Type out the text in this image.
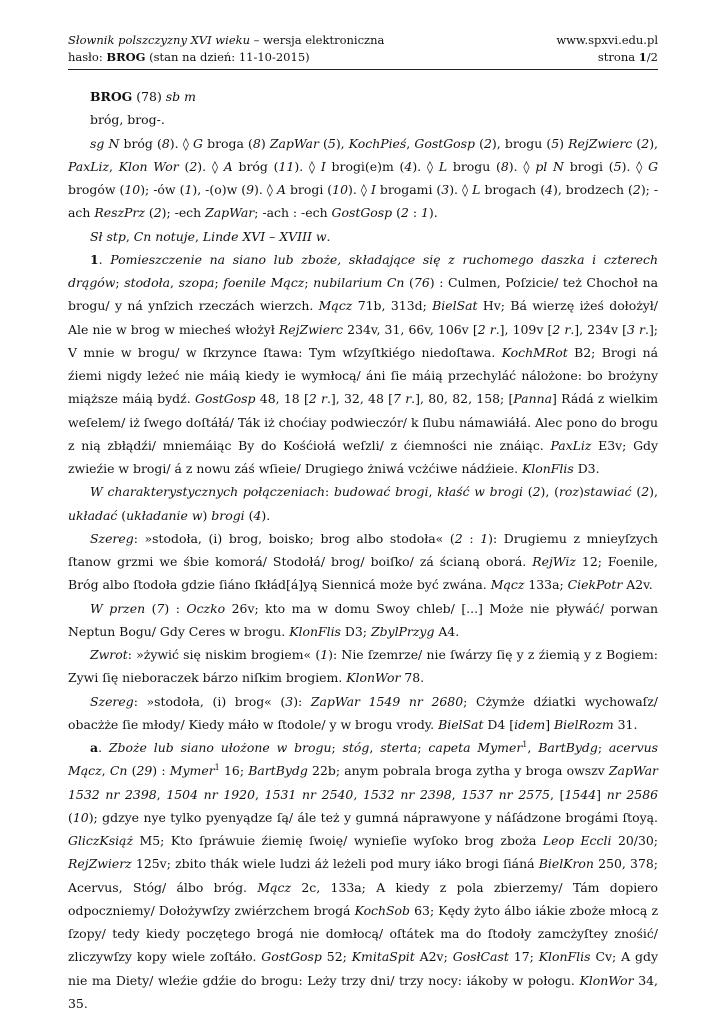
Słownik polszczyzny XVI wieku – wersja elektroniczna	www.spxvi.edu.pl
hasło: BROG (stan na dzień: 11-10-2015)	strona 1/2

BROG (78) sb m

bróg, brog-.

sg N bróg (8). ◊ G broga (8) ZapWar (5), KochPieś, GostGosp (2), brogu (5) RejZwierc (2), PaxLiz, Klon Wor (2). ◊ A bróg (11). ◊ I brogi(e)m (4). ◊ L brogu (8). ◊ pl N brogi (5). ◊ G brogów (10); -ów (1), -(o)w (9). ◊ A brogi (10). ◊ I brogami (3). ◊ L brogach (4), brodzech (2); -ach ReszPrz (2); -ech ZapWar; -ach : -ech GostGosp (2 : 1).

Sł stp, Cn notuje, Linde XVI – XVIII w.

1. Pomieszczenie na siano lub zboże, składające się z ruchomego daszka i czterech drągów; stodoła, szopa; foenile Mącz; nubilarium Cn (76) : Culmen, Poſzicie/ też Chochoł na brogu/ y ná ynſzich rzeczách wierzch. Mącz 71b, 313d; BielSat Hv; Bá wierzę iżeś dołożył/ Ale nie w brog w miecheś włożył RejZwierc 234v, 31, 66v, 106v [2 r.], 109v [2 r.], 234v [3 r.]; V mnie w brogu/ w ſkrzynce ſtawa: Tym wſzyſtkiégo niedoſtawa. KochMRot B2; Brogi ná źiemi nigdy leżeć nie máią kiedy ie wymłocą/ áni ſie máią przechyláć nálożone: bo brożyny miąższe máią bydź. GostGosp 48, 18 [2 r.], 32, 48 [7 r.], 80, 82, 158; [Panna] Rádá z wielkim weſelem/ iż ſwego doſtáłá/ Ták iż choćiay podwieczór/ k ſlubu námawiáłá. Alec pono do brogu z nią zbłądźi/ mniemáiąc By do Kośćiołá weſzli/ z ćiemności nie znáiąc. PaxLiz E3v; Gdy zwieźie w brogi/ á z nowu záś wſieie/ Drugiego żniwá vcżćiwe nádźieie. KlonFlis D3.

W charakterystycznych połączeniach: budować brogi, kłaść w brogi (2), (roz)stawiać (2), układać (układanie w) brogi (4).

Szereg: »stodoła, (i) brog, boisko; brog albo stodoła« (2 : 1): Drugiemu z mnieyſzych ſtanow grzmi we śbie komorá/ Stodołá/ brog/ boiſko/ zá ścianą oborá. RejWiz 12; Foenile, Bróg albo ſtodoła gdzie ſiáno ſkłád[á]yą Siennicá może być zwána. Mącz 133a; CiekPotr A2v.

W przen (7) : Oczko 26v; kto ma w domu Swoy chleb/ [...] Może nie pływáć/ porwan Neptun Bogu/ Gdy Ceres w brogu. KlonFlis D3; ZbylPrzyg A4.

Zwrot: »żywić się niskim brogiem« (1): Nie ſzemrze/ nie ſwárzy ſię y z źiemią y z Bogiem: Zywi ſię nieboraczek bárzo niſkim brogiem. KlonWor 78.

Szereg: »stodoła, (i) brog« (3): ZapWar 1549 nr 2680; Cżymże dźiatki wychowaſz/ obacżże ſie młody/ Kiedy máło w ſtodole/ y w brogu vrody. BielSat D4 [idem] BielRozm 31.

a. Zboże lub siano ułożone w brogu; stóg, sterta; capeta Mymer$^1$, BartBydg; acervus Mącz, Cn (29) : Mymer$^1$ 16; BartBydg 22b; anym pobrala broga zytha y broga owszv ZapWar 1532 nr 2398, 1504 nr 1920, 1531 nr 2540, 1532 nr 2398, 1537 nr 2575, [1544] nr 2586 (10); gdzye nye tylko pyenyądze ſą/ ále też y gumná náprawyone y náſádzone brogámi ſtoyą. GliczKsiąż M5; Kto ſpráwuie źiemię ſwoię/ wynieſie wyſoko brog zboża Leop Eccli 20/30; RejZwierz 125v; zbito thák wiele ludzi áż leżeli pod mury iáko brogi ſiáná BielKron 250, 378; Acervus, Stóg/ álbo bróg. Mącz 2c, 133a; A kiedy z pola zbierzemy/ Tám dopiero odpoczniemy/ Dołożywſzy zwiérzchem brogá KochSob 63; Kędy żyto álbo iákie zboże młocą z ſzopy/ tedy kiedy poczętego brogá nie domłocą/ oſtátek ma do ſtodoły zamcżyſtey znośić/ zliczywſzy kopy wiele zoſtáło. GostGosp 52; KmitaSpit A2v; GosłCast 17; KlonFlis Cv; A gdy nie ma Diety/ wleźie gdźie do brogu: Leży trzy dni/ trzy nocy: iákoby w połogu. KlonWor 34, 35.
